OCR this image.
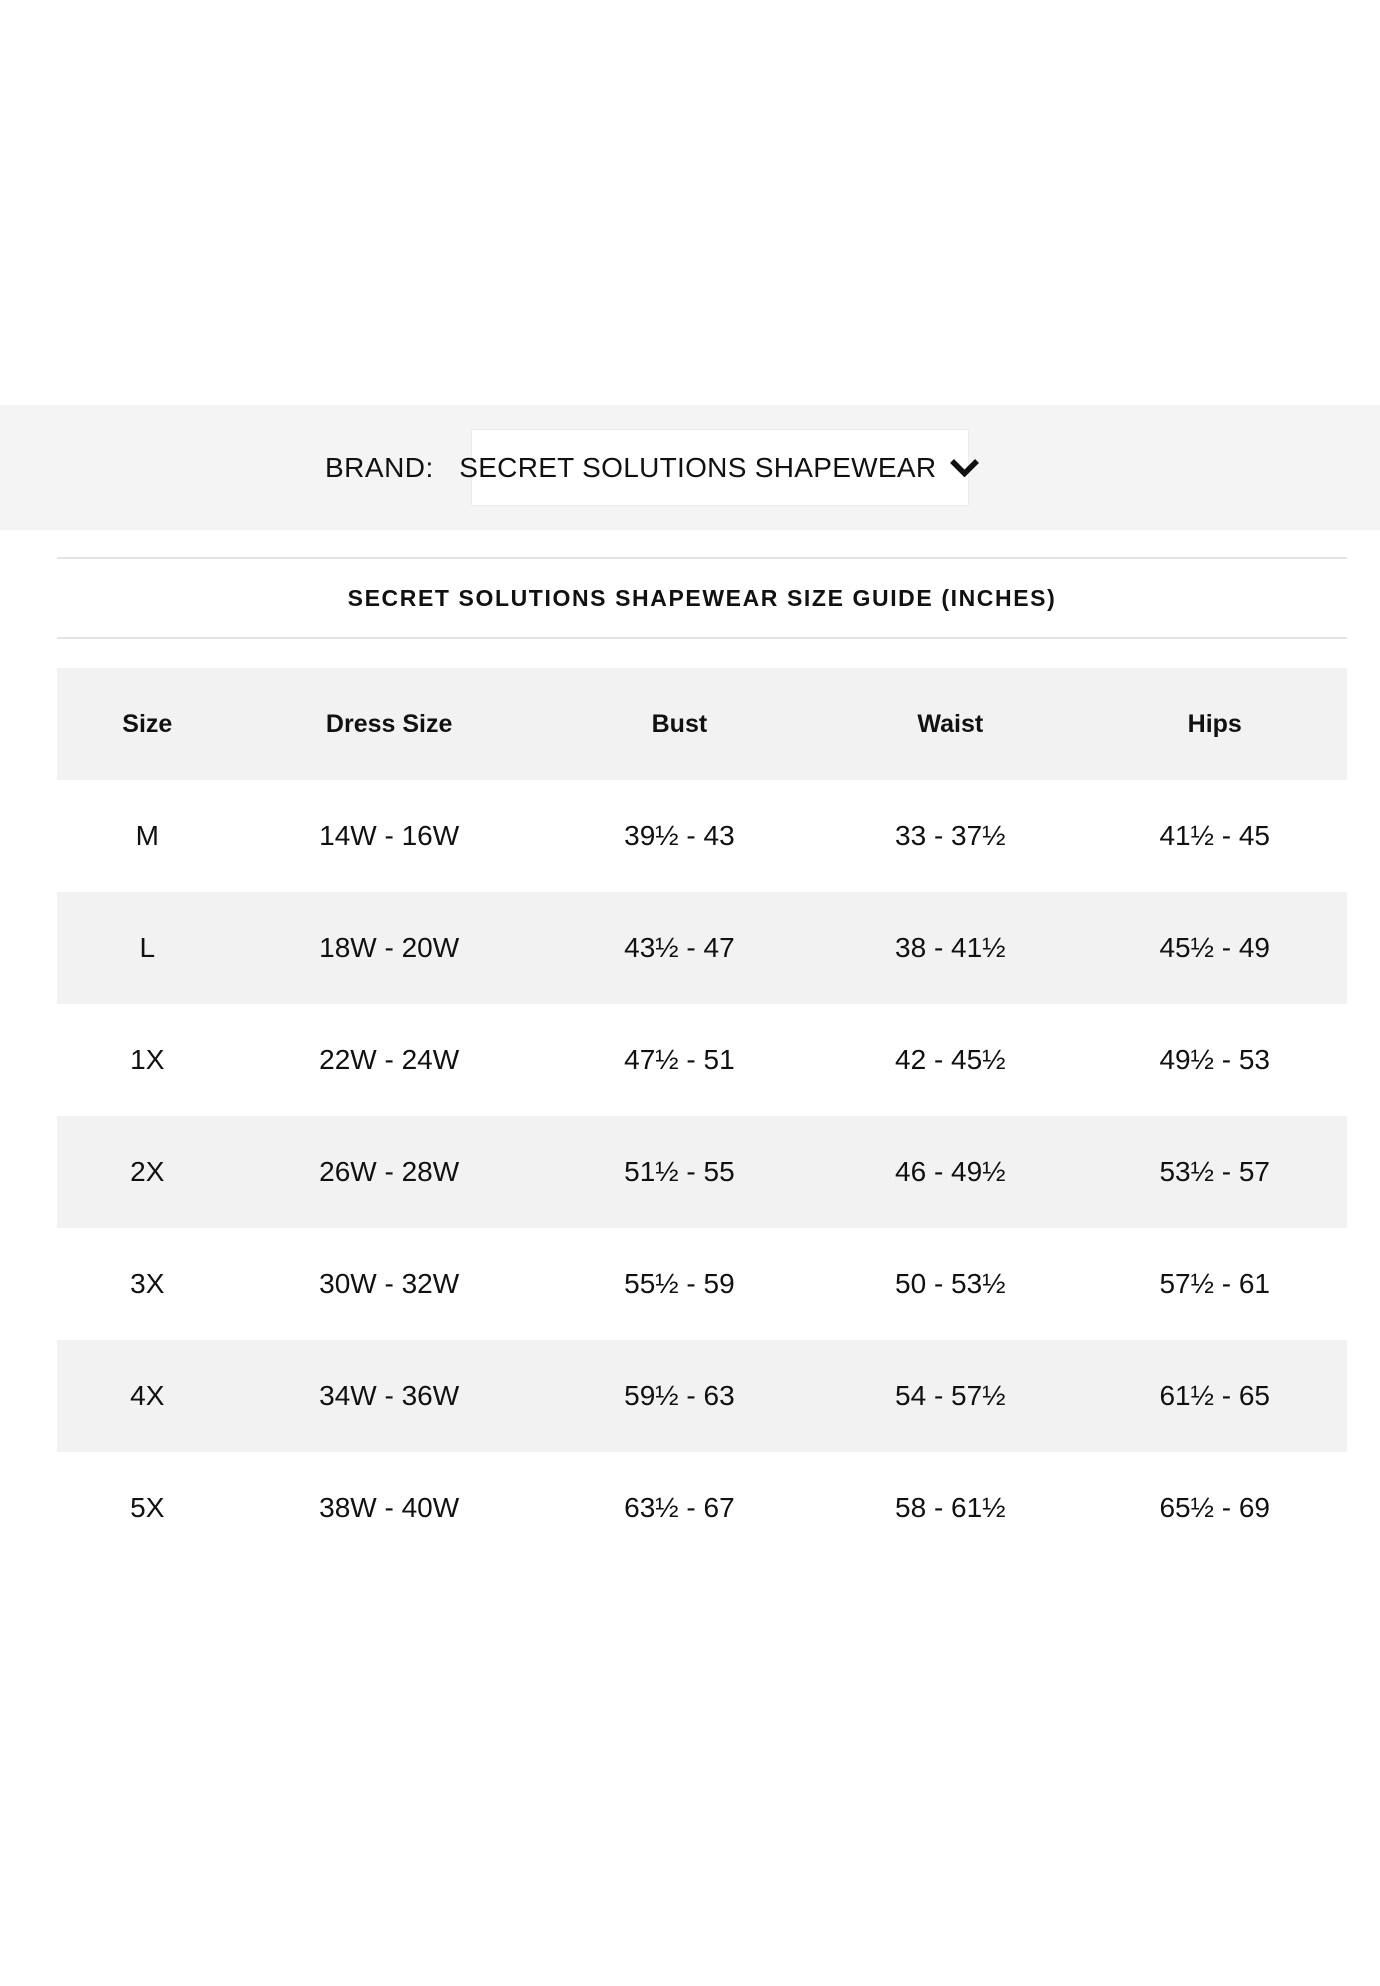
BRAND: SECRET SOLUTIONS SHAPEWEAR
SECRET SOLUTIONS SHAPEWEAR SIZE GUIDE (INCHES)
Size	Dress Size	Bust	Waist	Hips
M	14W - 16W	39½ - 43	33 - 37½	41½ - 45
L	18W - 20W	43½ - 47	38 - 41½	45½ - 49
1X	22W - 24W	47½ - 51	42 - 45½	49½ - 53
2X	26W - 28W	51½ - 55	46 - 49½	53½ - 57
3X	30W - 32W	55½ - 59	50 - 53½	57½ - 61
4X	34W - 36W	59½ - 63	54 - 57½	61½ - 65
5X	38W - 40W	63½ - 67	58 - 61½	65½ - 69
